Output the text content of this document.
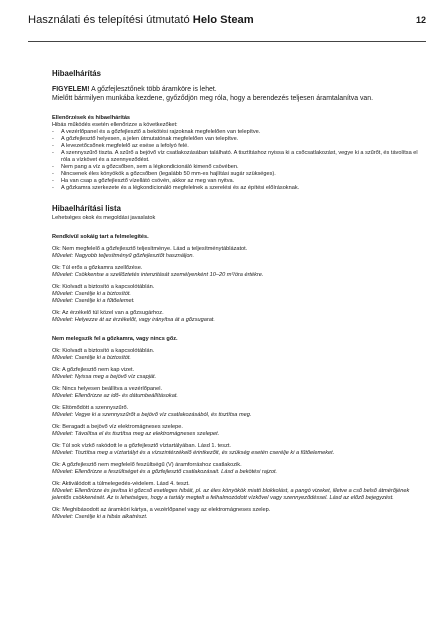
Használati és telepítési útmutató Helo Steam	12
Hibaelhárítás
FIGYELEM! A gőzfejlesztőnek több áramköre is lehet.
Mielőtt bármilyen munkába kezdene, győződjön meg róla, hogy a berendezés teljesen áramtalanítva van.
Ellenőrzések és hibaelhárítás
Hibás működés esetén ellenőrizze a következőket:
- A vezérlőpanel és a gőzfejlesztő a bekötési rajzoknak megfelelően van telepítve.
- A gőzfejlesztő helyesen, a jelen útmutatónak megfelelően van telepítve.
- A levezetőcsőnek megfelelő az esése a lefolyó felé.
- A szennyszűrő tiszta. A szűrő a bejövő víz csatlakozásában található. A tisztításhoz nyissa ki a csőcsatlakozást, vegye ki a szűrőt, és távolítsa el róla a vízkövet és a szennyeződést.
- Nem pang a víz a gőzcsőben, sem a légkondicionáló kimenő csövében.
- Nincsenek éles könyökök a gőzcsőben (legalább 50 mm-es hajlítási sugár szükséges).
- Ha van csap a gőzfejlesztő vízellátó csövén, akkor az meg van nyitva.
- A gőzkamra szerkezete és a légkondicionáló megfelelnek a szerelési és az építési előírásoknak.
Hibaelhárítási lista
Lehetséges okok és megoldási javaslatok
Rendkívül sokáig tart a felmelegítés.
Ok: Nem megfelelő a gőzfejlesztő teljesítménye. Lásd a teljesítménytáblázatot.
Művelet: Nagyobb teljesítményű gőzfejlesztőt használjon.
Ok: Túl erős a gőzkamra szellőzése.
Művelet: Csökkentse a szellőztetés intenzitását személyenként 10–20 m³/óra értékre.
Ok: Kiolvadt a biztosító a kapcsolótáblán.
Művelet: Cserélje ki a biztosítót.
Művelet: Cserélje ki a fűtőelemet.
Ok: Az érzékelő túl közel van a gőzsugárhoz.
Művelet: Helyezze át az érzékelőt, vagy irányítsa át a gőzsugarat.
Nem melegszik fel a gőzkamra, vagy nincs gőz.
Ok: Kiolvadt a biztosító a kapcsolótáblán.
Művelet: Cserélje ki a biztosítót.
Ok: A gőzfejlesztő nem kap vizet.
Művelet: Nyissa meg a bejövő víz csapját.
Ok: Nincs helyesen beállítva a vezérlőpanel.
Művelet: Ellenőrizze az idő- és dátumbeállításokat.
Ok: Eltömődött a szennyszűrő.
Művelet: Vegye ki a szennyszűrőt a bejövő víz csatlakozásából, és tisztítsa meg.
Ok: Beragadt a bejövő víz elektromágneses szelepe.
Művelet: Távolítsa el és tisztítsa meg az elektromágneses szelepet.
Ok: Túl sok vízkő rakódott le a gőzfejlesztő víztartályában. Lásd 1. teszt.
Művelet: Tisztítsa meg a víztartályt és a vízszintérzékelő érintkezőit, és szükség esetén cserélje ki a fűtőelemeket.
Ok: A gőzfejlesztő nem megfelelő feszültségű (V) áramforráshoz csatlakozik.
Művelet: Ellenőrizze a feszültséget és a gőzfejlesztő csatlakozásait. Lásd a bekötési rajzot.
Ok: Aktiválódott a túlmelegedés-védelem. Lásd 4. teszt.
Művelet: Ellenőrizze és javítsa ki gőzcső esetleges hibáit, pl. az éles könyökök miatti blokkolást, a pangó vizeket, illetve a cső belső átmérőjének jelentős csökkenését. Az is lehetséges, hogy a tartály megtelt a felhalmozódott vízkővel vagy szennyeződéssel. Lásd az előző bejegyzést.
Ok: Meghibásodott az áramköri kártya, a vezérlőpanel vagy az elektromágneses szelep.
Művelet: Cserélje ki a hibás alkatrészt.
